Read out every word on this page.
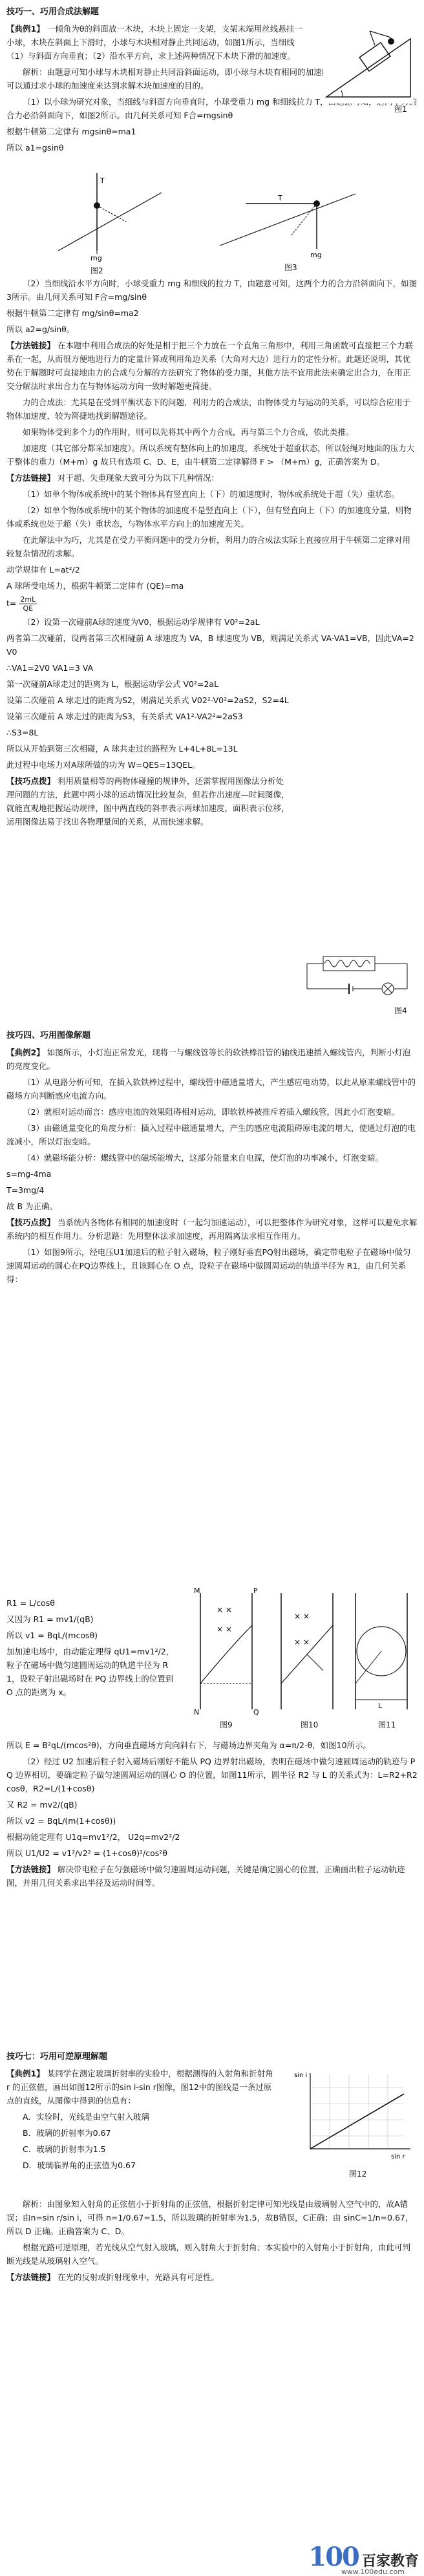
技巧一、巧用合成法解题
【典例1】 一倾角为θ的斜面放一木块，木块上固定一支架，支架末端用丝线悬挂一小球，木块在斜面上下滑时，小球与木块相对静止共同运动，如图1所示，当细线（1）与斜面方向垂直；（2）沿水平方向，求上述两种情况下木块下滑的加速度。
解析：由题意可知小球与木块相对静止共同沿斜面运动，即小球与木块有相同的加速度。方向必沿斜面方向。可以通过求小球的加速度来达到求解木块加速度的目的。
（1）以小球为研究对象，当细线与斜面方向垂直时，小球受重力 mg 和细线拉力 T，由题意可知，这两个力的合力必沿斜面向下，如图2所示。由几何关系可知 F合=mgsinθ
根据牛顿第二定律有 mgsinθ=ma1
所以 a1=gsinθ
图1
mg
T
图2
mg
T
图3
（2）当细线沿水平方向时，小球受重力 mg 和细线的拉力 T，由题意可知，这两个力的合力沿斜面向下，如图3所示。由几何关系可知 F合=mg/sinθ
根据牛顿第二定律有 mg/sinθ=ma2
所以 a2=g/sinθ。
【方法链接】 在本题中利用合成法的好处是相于把三个力放在一个直角三角形中，利用三角函数可直接把三个力联系在一起，从而很方便地进行力的定量计算或利用角边关系（大角对大边）进行力的定性分析。此题还说明，其优势在于解题时可直接地由力的合成与分解的方法研究了物体的受力图，其他方法不宜用此法来确定出合力，在用正交分解法时求出合力在与物体运动方向一致时解题更简捷。
力的合成法：尤其是在受到平衡状态下的问题，利用力的合成法，由物体受力与运动的关系，可以综合应用于物体加速度，较为简捷地找到解题途径。
如果物体受到多个力的作用时，则可以先将其中两个力合成，再与第三个力合成，依此类推。
加速度（其它部分都采加速度）。所以系统有整体向上的加速度，系统处于超重状态，所以轻绳对地面的压力大于整体的重力（M+m）g 故只有选项 C、D、E，由牛顿第二定律解得 F > （M+m）g，正确答案为 D。
【方法链接】 对于超、失重现象大致可分为以下几种情况：
（1）如单个物体或系统中的某个物体具有竖直向上（下）的加速度时，物体或系统处于超（失）重状态。
（2）如单个物体或系统中的某个物体的加速度不是竖直向上（下），但有竖直向上（下）的加速度分量，则物体或系统也处于超（失）重状态，与物体水平方向上的加速度无关。
在此解法中为巧，尤其是在受力平衡问题中的受力分析，利用力的合成法实际上直接应用于牛顿第二定律对用较复杂情况的求解。
动学规律有 L=at²/2
A 球所受电场力，根据牛顿第二定律有 (QE)=ma
$t= \frac{2mL}{QE}$
（2）设第一次碰前A球的速度为V0，根据运动学规律有 V0²=2aL
两者第二次碰前，设两者第三次相碰前 A 球速度为 VA，B 球速度为 VB，则满足关系式 VA-VA1=VB，因此VA=2V0
∴VA1=2V0 VA1=3 VA
第一次碰前A球走过的距离为 L，根据运动学公式 V0²=2aL
设第二次碰前 A 球走过的距离为S2，则满足关系式 V02²-V0²=2aS2，S2=4L
设第三次碰前 A 球走过的距离为S3，有关系式 VA1²-VA2²=2aS3
∴S3=8L
所以从开始到第三次相碰，A 球共走过的路程为 L+4L+8L=13L
此过程中电场力对A球所做的功为 W=QES=13QEL。
【技巧点拨】 利用质量相等的两物体碰撞的规律外，还需掌握用图像法分析处理问题的方法，此题中两小球的运动情况比较复杂，但若作出速度—时间图像，就能直观地把握运动规律，图中两直线的斜率表示两球加速度，面积表示位移，运用图像法易于找出各物理量间的关系，从而快速求解。
图4
技巧四、巧用图像解题
【典例2】 如图所示，小灯泡正常发光，现将一与螺线管等长的软铁棒沿管的轴线迅速插入螺线管内，判断小灯泡的亮度变化。
（1）从电路分析可知，在插入软铁棒过程中，螺线管中磁通量增大，产生感应电动势，以此从原来螺线管中的磁场方向判断感应电流方向。
（2）就相对运动而言：感应电流的效果阻碍相对运动，即软铁棒被推斥着插入螺线管，因此小灯泡变暗。
（3）由磁通量变化的角度分析：插入过程中磁通量增大，产生的感应电流阻碍原电流的增大，使通过灯泡的电流减小，所以灯泡变暗。
（4）就磁场能分析：螺线管中的磁场能增大，这部分能量来自电源，使灯泡的功率减小，灯泡变暗。
s=mg-4ma
T=3mg/4
故 B 为正确。
【技巧点拨】 当系统内各物体有相同的加速度时（一起匀加速运动），可以把整体作为研究对象，这样可以避免求解系统内的相互作用力。分析思路：先用整体法求加速度，再用隔离法求相互作用力。
（1）如图9所示，经电压U1加速后的粒子射入磁场，粒子刚好垂直PQ射出磁场，确定带电粒子在磁场中做匀速圆周运动的圆心在PQ边界线上，且该圆心在 O 点，设粒子在磁场中做圆周运动的轨道半径为 R1，由几何关系得：
M	P
N	Q
× ×
× ×
图9
× ×
× ×
图10
L
图11
R1 = L/cosθ
又因为 R1 = mv1/(qB)
所以 v1 = BqL/(mcosθ)
加加速电场中，由动能定理得 qU1=mv1²/2，粒子在磁场中做匀速圆周运动的轨道半径为 R1，设粒子射出磁场时在 PQ 边界线上的位置到 O 点的距离为 x。
所以 E = B²qL/(mcos²θ)，方向垂直磁场方向向斜右下，与磁场边界夹角为 α=π/2-θ，如图10所示。
（2）经过 U2 加速后粒子射入磁场后刚好不能从 PQ 边界射出磁场，表明在磁场中做匀速圆周运动的轨迹与 PQ 边界相切，要确定粒子做匀速圆周运动的圆心 O 的位置，如图11所示，圆半径 R2 与 L 的关系式为：L=R2+R2cosθ，R2=L/(1+cosθ)
又 R2 = mv2/(qB)
所以 v2 = BqL/(m(1+cosθ))
根据动能定理有 U1q=mv1²/2， U2q=mv2²/2
所以 U1/U2 = v1²/v2² = (1+cosθ)²/cos²θ
【方法链接】 解决带电粒子在匀强磁场中做匀速圆周运动问题，关键是确定圆心的位置，正确画出粒子运动轨迹图，并用几何关系求出半径及运动时间等。
技巧七：巧用可逆原理解题
【典例1】 某同学在测定玻璃折射率的实验中，根据测得的入射角和折射角 r 的正弦值，画出如图12所示的sin i-sin r图像，图12中的图线是一条过原点的直线，从图像中得到的信息有：
A．实验时，光线是由空气射入玻璃
B．玻璃的折射率为0.67
C．玻璃的折射率为1.5
D．玻璃临界角的正弦值为0.67
sin i
sin r
图12
解析：由图象知入射角的正弦值小于折射角的正弦值，根据折射定律可知光线是由玻璃射入空气中的，故A错误；由n=sin r/sin i，可得 n=1/0.67=1.5，所以玻璃的折射率为1.5，故B错误，C正确；由 sinC=1/n=0.67，所以 D 正确。正确答案为 C、D。
根据光路可逆原理，若光线从空气射入玻璃，则入射角大于折射角；本实验中的入射角小于折射角，由此可判断光线是从玻璃射入空气。
【方法链接】 在光的反射或折射现象中，光路具有可逆性。
100 百家教育
www.100edu.com
